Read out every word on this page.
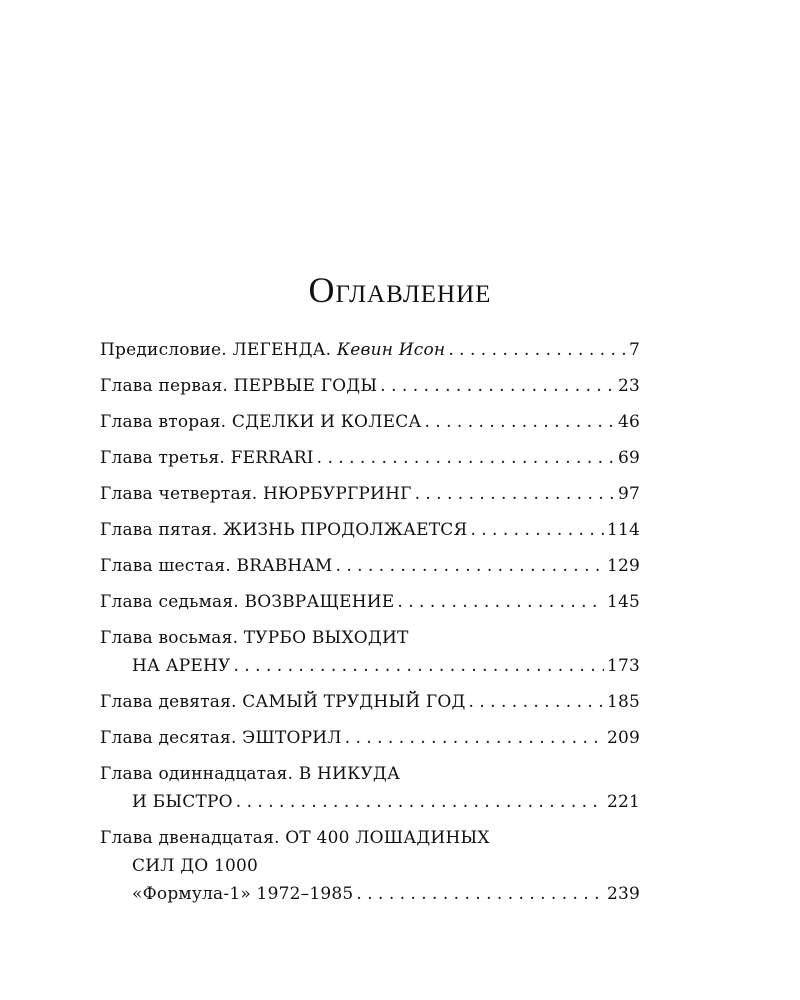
Оглавление
Предисловие. ЛЕГЕНДА. Кевин Исон . . .	7
Глава первая. ПЕРВЫЕ ГОДЫ . . .	23
Глава вторая. СДЕЛКИ И КОЛЕСА . . .	46
Глава третья. FERRARI . . .	69
Глава четвертая. НЮРБУРГРИНГ . . .	97
Глава пятая. ЖИЗНЬ ПРОДОЛЖАЕТСЯ . . .	114
Глава шестая. BRABHAM . . .	129
Глава седьмая. ВОЗВРАЩЕНИЕ . . .	145
Глава восьмая. ТУРБО ВЫХОДИТ
НА АРЕНУ . . .	173
Глава девятая. САМЫЙ ТРУДНЫЙ ГОД . . .	185
Глава десятая. ЭШТОРИЛ . . .	209
Глава одиннадцатая. В НИКУДА
И БЫСТРО . . .	221
Глава двенадцатая. ОТ 400 ЛОШАДИНЫХ
СИЛ ДО 1000
«Формула-1» 1972–1985 . . .	239
